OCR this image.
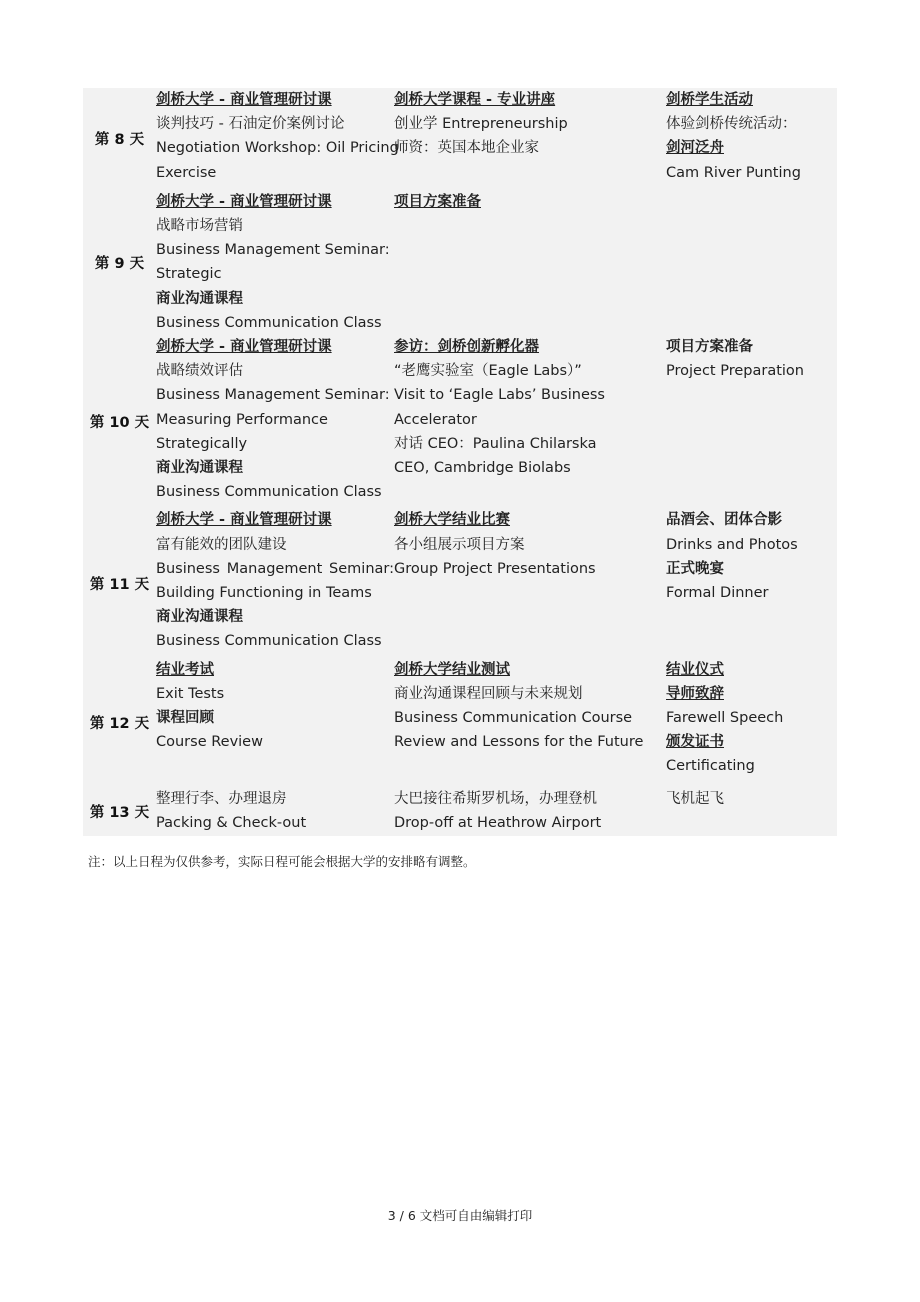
第 8 天
剑桥大学 - 商业管理研讨课
谈判技巧 - 石油定价案例讨论
Negotiation Workshop: Oil Pricing
Exercise
剑桥大学课程 - 专业讲座
创业学 Entrepreneurship
师资：英国本地企业家
剑桥学生活动
体验剑桥传统活动：
剑河泛舟
Cam River Punting
第 9 天
剑桥大学 - 商业管理研讨课
战略市场营销
Business Management Seminar:
Strategic
商业沟通课程
Business Communication Class
项目方案准备
第 10 天
剑桥大学 - 商业管理研讨课
战略绩效评估
Business Management Seminar:
Measuring Performance
Strategically
商业沟通课程
Business Communication Class
参访：剑桥创新孵化器
“老鹰实验室（Eagle Labs）”
Visit to ‘Eagle Labs’ Business
Accelerator
对话 CEO：Paulina Chilarska
CEO, Cambridge Biolabs
项目方案准备
Project Preparation
第 11 天
剑桥大学 - 商业管理研讨课
富有能效的团队建设
Business Management Seminar:
Building Functioning in Teams
商业沟通课程
Business Communication Class
剑桥大学结业比赛
各小组展示项目方案
Group Project Presentations
品酒会、团体合影
Drinks and Photos
正式晚宴
Formal Dinner
第 12 天
结业考试
Exit Tests
课程回顾
Course Review
剑桥大学结业测试
商业沟通课程回顾与未来规划
Business Communication Course
Review and Lessons for the Future
结业仪式
导师致辞
Farewell Speech
颁发证书
Certificating
第 13 天
整理行李、办理退房
Packing & Check-out
大巴接往希斯罗机场，办理登机
Drop-off at Heathrow Airport
飞机起飞
注：以上日程为仅供参考，实际日程可能会根据大学的安排略有调整。
3 / 6 文档可自由编辑打印
